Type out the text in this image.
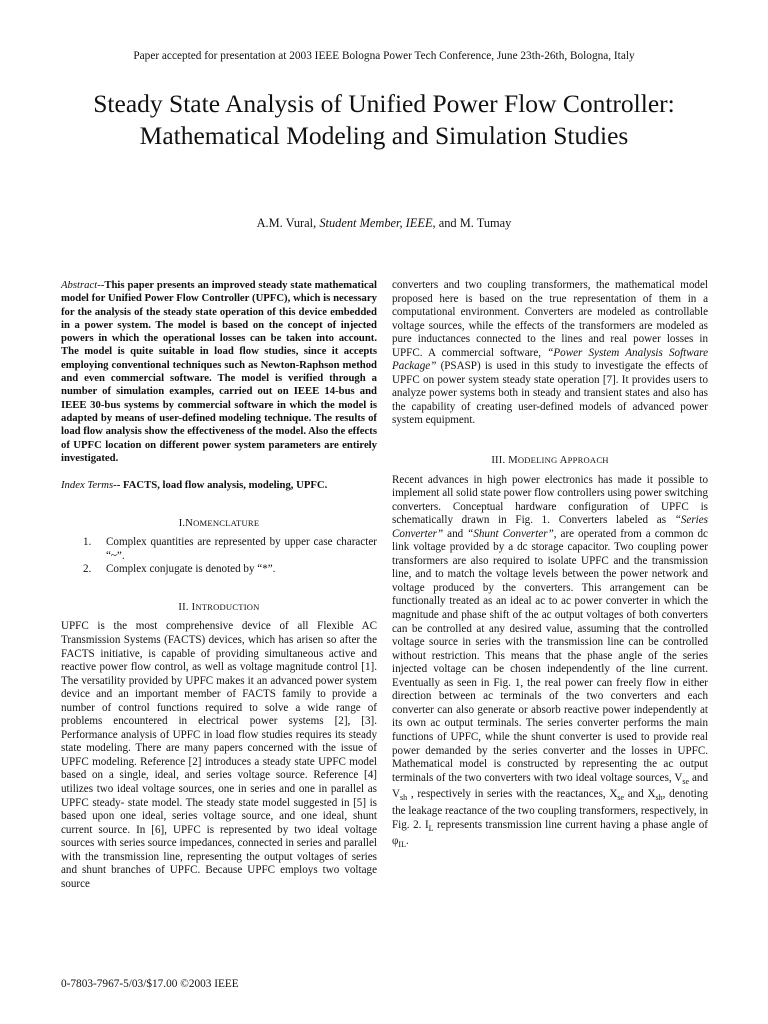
Paper accepted for presentation at 2003 IEEE Bologna Power Tech Conference, June 23th-26th, Bologna, Italy
Steady State Analysis of Unified Power Flow Controller: Mathematical Modeling and Simulation Studies
A.M. Vural, Student Member, IEEE, and M. Tumay

Abstract--This paper presents an improved steady state mathematical model for Unified Power Flow Controller (UPFC), which is necessary for the analysis of the steady state operation of this device embedded in a power system. The model is based on the concept of injected powers in which the operational losses can be taken into account. The model is quite suitable in load flow studies, since it accepts employing conventional techniques such as Newton-Raphson method and even commercial software. The model is verified through a number of simulation examples, carried out on IEEE 14-bus and IEEE 30-bus systems by commercial software in which the model is adapted by means of user-defined modeling technique. The results of load flow analysis show the effectiveness of the model. Also the effects of UPFC location on different power system parameters are entirely investigated.

Index Terms-- FACTS, load flow analysis, modeling, UPFC.

I.NOMENCLATURE

1. Complex quantities are represented by upper case character “~”.
2. Complex conjugate is denoted by “*”.

II. INTRODUCTION

UPFC is the most comprehensive device of all Flexible AC Transmission Systems (FACTS) devices, which has arisen so after the FACTS initiative, is capable of providing simultaneous active and reactive power flow control, as well as voltage magnitude control [1]. The versatility provided by UPFC makes it an advanced power system device and an important member of FACTS family to provide a number of control functions required to solve a wide range of problems encountered in electrical power systems [2], [3]. Performance analysis of UPFC in load flow studies requires its steady state modeling. There are many papers concerned with the issue of UPFC modeling. Reference [2] introduces a steady state UPFC model based on a single, ideal, and series voltage source. Reference [4] utilizes two ideal voltage sources, one in series and one in parallel as UPFC steady- state model. The steady state model suggested in [5] is based upon one ideal, series voltage source, and one ideal, shunt current source. In [6], UPFC is represented by two ideal voltage sources with series source impedances, connected in series and parallel with the transmission line, representing the output voltages of series and shunt branches of UPFC. Because UPFC employs two voltage source

converters and two coupling transformers, the mathematical model proposed here is based on the true representation of them in a computational environment. Converters are modeled as controllable voltage sources, while the effects of the transformers are modeled as pure inductances connected to the lines and real power losses in UPFC. A commercial software, “Power System Analysis Software Package” (PSASP) is used in this study to investigate the effects of UPFC on power system steady state operation [7]. It provides users to analyze power systems both in steady and transient states and also has the capability of creating user-defined models of advanced power system equipment.

III. MODELING APPROACH

Recent advances in high power electronics has made it possible to implement all solid state power flow controllers using power switching converters. Conceptual hardware configuration of UPFC is schematically drawn in Fig. 1. Converters labeled as “Series Converter” and “Shunt Converter”, are operated from a common dc link voltage provided by a dc storage capacitor. Two coupling power transformers are also required to isolate UPFC and the transmission line, and to match the voltage levels between the power network and voltage produced by the converters. This arrangement can be functionally treated as an ideal ac to ac power converter in which the magnitude and phase shift of the ac output voltages of both converters can be controlled at any desired value, assuming that the controlled voltage source in series with the transmission line can be controlled without restriction. This means that the phase angle of the series injected voltage can be chosen independently of the line current. Eventually as seen in Fig. 1, the real power can freely flow in either direction between ac terminals of the two converters and each converter can also generate or absorb reactive power independently at its own ac output terminals. The series converter performs the main functions of UPFC, while the shunt converter is used to provide real power demanded by the series converter and the losses in UPFC. Mathematical model is constructed by representing the ac output terminals of the two converters with two ideal voltage sources, $V_{se}$ and $V_{sh}$ , respectively in series with the reactances, $X_{se}$ and $X_{sh}$, denoting the leakage reactance of the two coupling transformers, respectively, in Fig. 2. $I_L$ represents transmission line current having a phase angle of $\varphi_{IL}$.

0-7803-7967-5/03/$17.00 ©2003 IEEE
